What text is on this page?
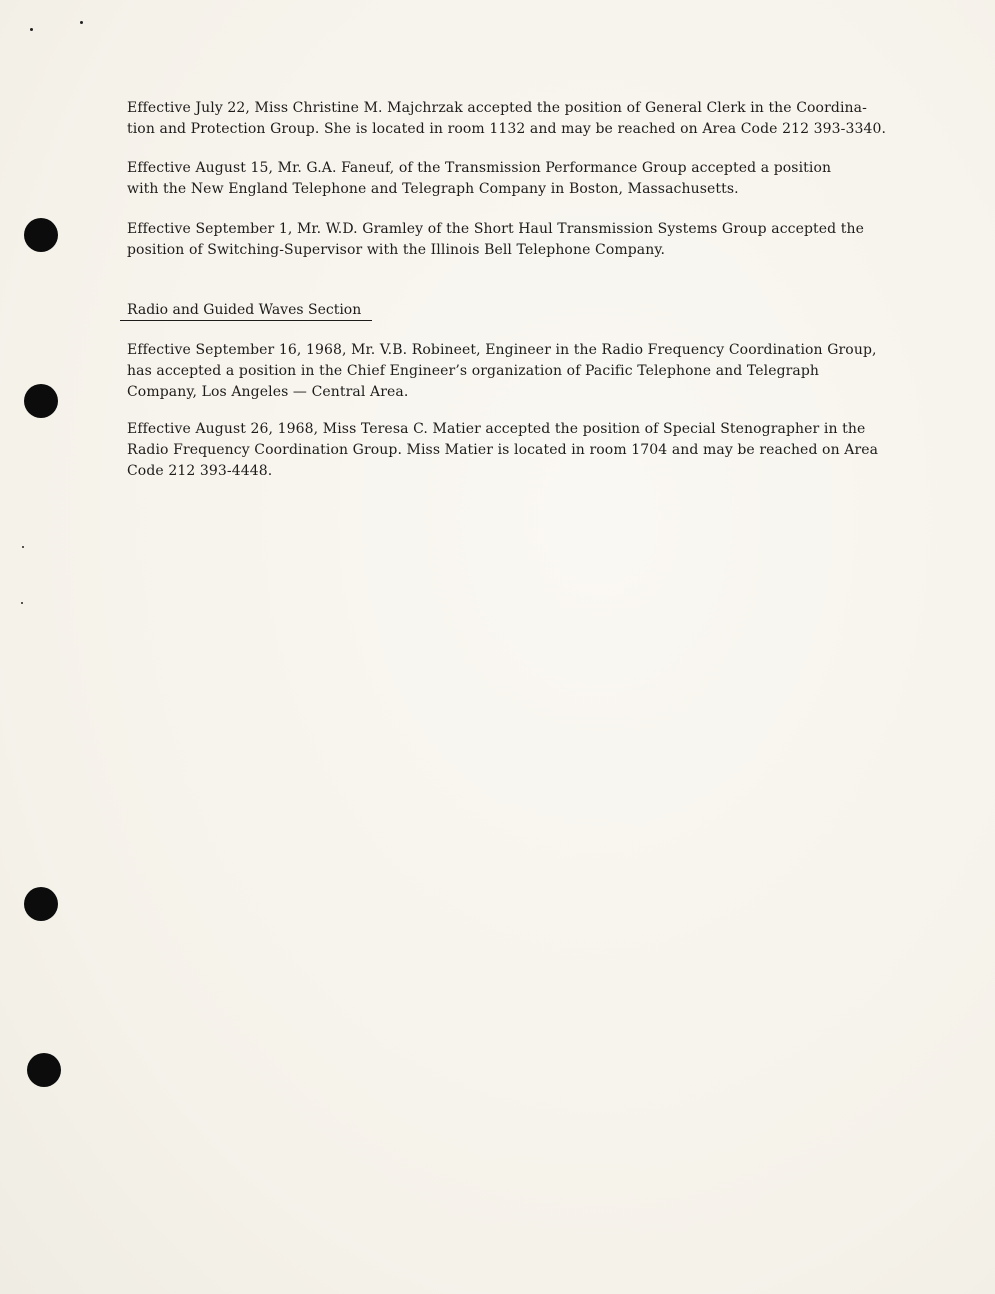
Effective July 22, Miss Christine M. Majchrzak accepted the position of General Clerk in the Coordina-
tion and Protection Group. She is located in room 1132 and may be reached on Area Code 212 393-3340.

Effective August 15, Mr. G.A. Faneuf, of the Transmission Performance Group accepted a position
with the New England Telephone and Telegraph Company in Boston, Massachusetts.

Effective September 1, Mr. W.D. Gramley of the Short Haul Transmission Systems Group accepted the
position of Switching-Supervisor with the Illinois Bell Telephone Company.

Radio and Guided Waves Section

Effective September 16, 1968, Mr. V.B. Robineet, Engineer in the Radio Frequency Coordination Group,
has accepted a position in the Chief Engineer’s organization of Pacific Telephone and Telegraph
Company, Los Angeles — Central Area.

Effective August 26, 1968, Miss Teresa C. Matier accepted the position of Special Stenographer in the
Radio Frequency Coordination Group. Miss Matier is located in room 1704 and may be reached on Area
Code 212 393-4448.
